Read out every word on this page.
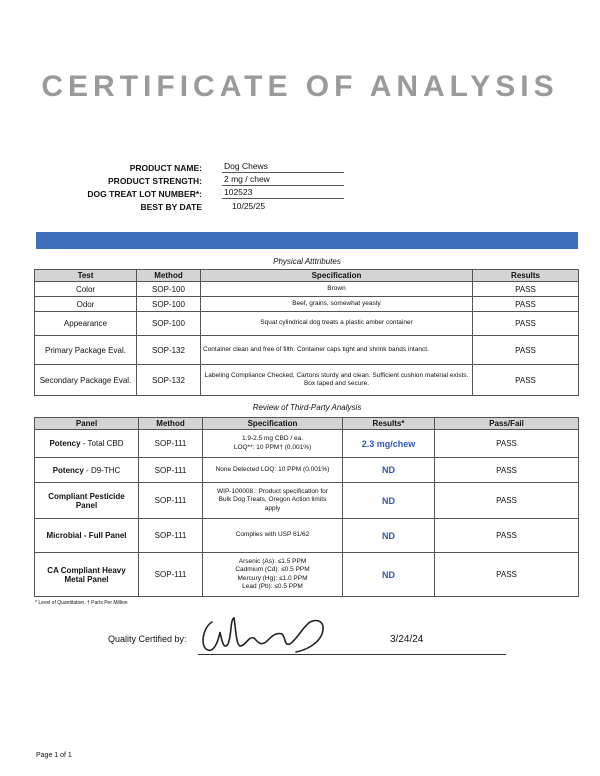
CERTIFICATE OF ANALYSIS
PRODUCT NAME:	Dog Chews
PRODUCT STRENGTH:	2 mg / chew
DOG TREAT LOT NUMBER*:	102523
BEST BY DATE	10/25/25
Physical Atttributes
Test	Method	Specification	Results
Color	SOP-100	Brown	PASS
Odor	SOP-100	Beef, grains, somewhat yeasty	PASS
Appearance	SOP-100	Squat cylindrical dog treats a plastic amber container	PASS
Primary Package Eval.	SOP-132	Container clean and free of filth. Container caps tight and shrink bands intanct.	PASS
Secondary Package Eval.	SOP-132	Labeling Compliance Checked, Cartons sturdy and clean. Sufficient cushion material exists. Box taped and secure.	PASS
Review of Third-Party Analysis
Panel	Method	Specification	Results*	Pass/Fail
Potency - Total CBD	SOP-111	1.9-2.5 mg CBD / ea.
LOQ**: 10 PPM† (0.001%)	2.3 mg/chew	PASS
Potency - D9-THC	SOP-111	None Detected LOQ: 10 PPM (0.001%)	ND	PASS
Compliant Pesticide Panel	SOP-111	WIP-100008 : Product specification for
Bulk Dog Treats, Oregon Action limits
apply	ND	PASS
Microbial - Full Panel	SOP-111	Complies with USP 61/62	ND	PASS
CA Compliant Heavy Metal Panel	SOP-111	Arsenic (As): ≤1.5 PPM
Cadmium (Cd): ≤0.5 PPM
Mercury (Hg): ≤1.0 PPM
Lead (Pb): ≤0.5 PPM	ND	PASS
* Level of Quantitation, † Parts Per Million
Quality Certified by:	3/24/24
Page 1 of 1
